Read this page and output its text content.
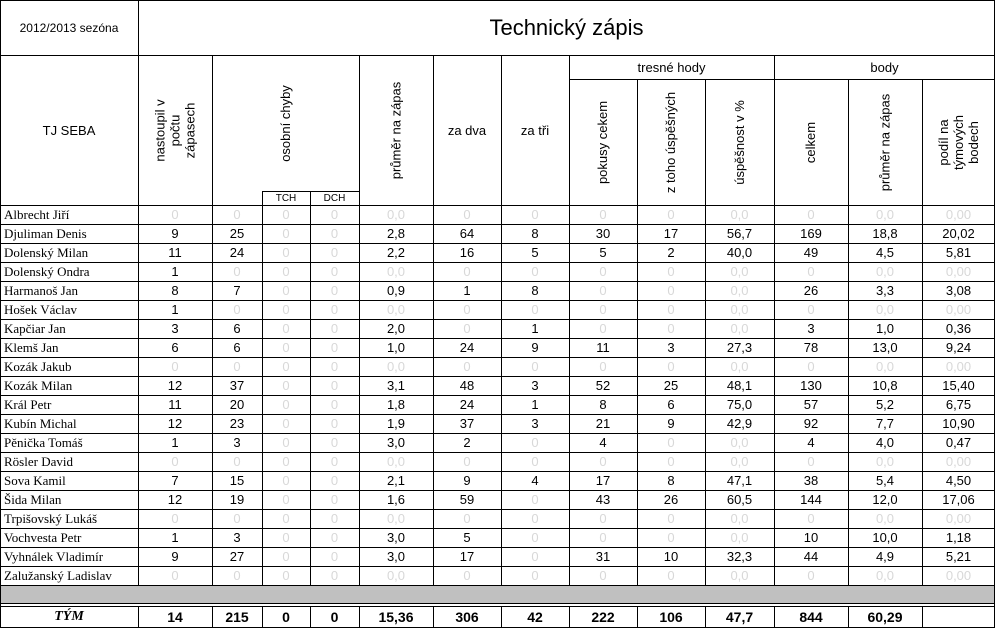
2012/2013 sezóna	Technický zápis
TJ SEBA	nastoupil v počtu zápasech	osobní chyby
TCH	DCH
průměr na zápas	za dva	za tři
tresné hody
pokusy cekem	z toho úspěšných	úspěšnost v %
body
celkem	průměr na zápas	podíl na týmových bodech
Albrecht Jiří	0	0	0	0	0,0	0	0	0	0	0,0	0	0,0	0,00
Djuliman Denis	9	25	0	0	2,8	64	8	30	17	56,7	169	18,8	20,02
Dolenský Milan	11	24	0	0	2,2	16	5	5	2	40,0	49	4,5	5,81
Dolenský Ondra	1	0	0	0	0,0	0	0	0	0	0,0	0	0,0	0,00
Harmanoš Jan	8	7	0	0	0,9	1	8	0	0	0,0	26	3,3	3,08
Hošek Václav	1	0	0	0	0,0	0	0	0	0	0,0	0	0,0	0,00
Kapčiar Jan	3	6	0	0	2,0	0	1	0	0	0,0	3	1,0	0,36
Klemš Jan	6	6	0	0	1,0	24	9	11	3	27,3	78	13,0	9,24
Kozák Jakub	0	0	0	0	0,0	0	0	0	0	0,0	0	0,0	0,00
Kozák Milan	12	37	0	0	3,1	48	3	52	25	48,1	130	10,8	15,40
Král Petr	11	20	0	0	1,8	24	1	8	6	75,0	57	5,2	6,75
Kubín Michal	12	23	0	0	1,9	37	3	21	9	42,9	92	7,7	10,90
Pěnička Tomáš	1	3	0	0	3,0	2	0	4	0	0,0	4	4,0	0,47
Rösler David	0	0	0	0	0,0	0	0	0	0	0,0	0	0,0	0,00
Sova Kamil	7	15	0	0	2,1	9	4	17	8	47,1	38	5,4	4,50
Šida Milan	12	19	0	0	1,6	59	0	43	26	60,5	144	12,0	17,06
Trpišovský Lukáš	0	0	0	0	0,0	0	0	0	0	0,0	0	0,0	0,00
Vochvesta Petr	1	3	0	0	3,0	5	0	0	0	0,0	10	10,0	1,18
Vyhnálek Vladimír	9	27	0	0	3,0	17	0	31	10	32,3	44	4,9	5,21
Zalužanský Ladislav	0	0	0	0	0,0	0	0	0	0	0,0	0	0,0	0,00
TÝM	14	215	0	0	15,36	306	42	222	106	47,7	844	60,29
